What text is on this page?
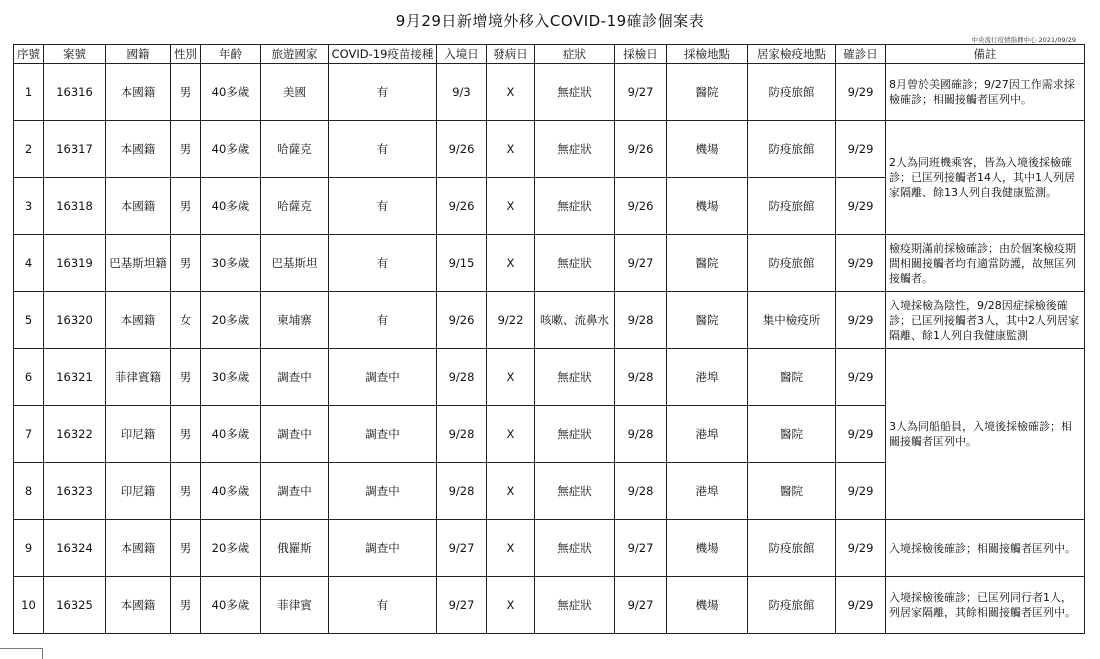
9月29日新增境外移入COVID-19確診個案表
中央流行疫情指揮中心 2021/09/29
序號	案號	國籍	性別	年齡	旅遊國家	COVID-19疫苗接種	入境日	發病日	症狀	採檢日	採檢地點	居家檢疫地點	確診日	備註
1	16316	本國籍	男	40多歲	美國	有	9/3	X	無症狀	9/27	醫院	防疫旅館	9/29	8月曾於美國確診；9/27因工作需求採檢確診；相關接觸者匡列中。
2	16317	本國籍	男	40多歲	哈薩克	有	9/26	X	無症狀	9/26	機場	防疫旅館	9/29	2人為同班機乘客，皆為入境後採檢確診；已匡列接觸者14人，其中1人列居家隔離、餘13人列自我健康監測。
3	16318	本國籍	男	40多歲	哈薩克	有	9/26	X	無症狀	9/26	機場	防疫旅館	9/29	
4	16319	巴基斯坦籍	男	30多歲	巴基斯坦	有	9/15	X	無症狀	9/27	醫院	防疫旅館	9/29	檢疫期滿前採檢確診；由於個案檢疫期間相關接觸者均有適當防護，故無匡列接觸者。
5	16320	本國籍	女	20多歲	柬埔寨	有	9/26	9/22	咳嗽、流鼻水	9/28	醫院	集中檢疫所	9/29	入境採檢為陰性，9/28因症採檢後確診；已匡列接觸者3人，其中2人列居家隔離、餘1人列自我健康監測
6	16321	菲律賓籍	男	30多歲	調查中	調查中	9/28	X	無症狀	9/28	港埠	醫院	9/29	3人為同船船員，入境後採檢確診；相關接觸者匡列中。
7	16322	印尼籍	男	40多歲	調查中	調查中	9/28	X	無症狀	9/28	港埠	醫院	9/29	
8	16323	印尼籍	男	40多歲	調查中	調查中	9/28	X	無症狀	9/28	港埠	醫院	9/29	
9	16324	本國籍	男	20多歲	俄羅斯	調查中	9/27	X	無症狀	9/27	機場	防疫旅館	9/29	入境採檢後確診；相關接觸者匡列中。
10	16325	本國籍	男	40多歲	菲律賓	有	9/27	X	無症狀	9/27	機場	防疫旅館	9/29	入境採檢後確診；已匡列同行者1人，列居家隔離，其餘相關接觸者匡列中。
